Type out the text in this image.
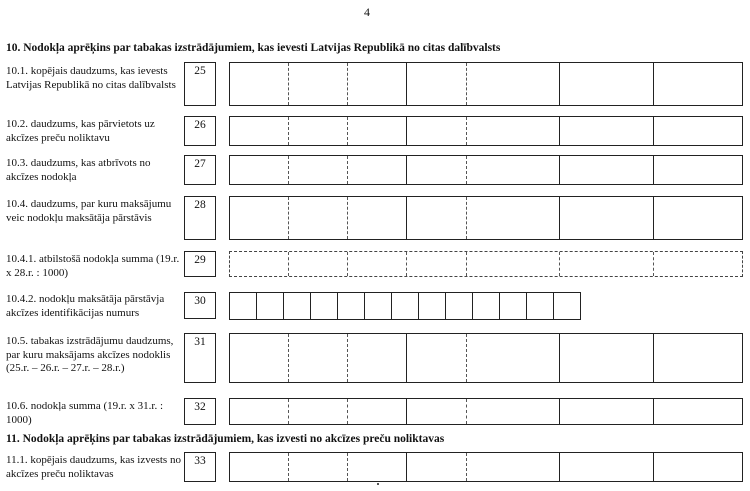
4
10. Nodokļa aprēķins par tabakas izstrādājumiem, kas ievesti Latvijas Republikā no citas dalībvalsts
10.1. kopējais daudzums, kas ievests Latvijas Republikā no citas dalībvalsts
25
10.2. daudzums, kas pārvietots uz akcīzes preču noliktavu
26
10.3. daudzums, kas atbrīvots no akcīzes nodokļa
27
10.4. daudzums, par kuru maksājumu veic nodokļu maksātāja pārstāvis
28
10.4.1. atbilstošā nodokļa summa (19.r. x 28.r. : 1000)
29
10.4.2. nodokļu maksātāja pārstāvja akcīzes identifikācijas numurs
30
10.5. tabakas izstrādājumu daudzums, par kuru maksājams akcīzes nodoklis (25.r. – 26.r. – 27.r. – 28.r.)
31
10.6. nodokļa summa (19.r. x 31.r. : 1000)
32
11. Nodokļa aprēķins par tabakas izstrādājumiem, kas izvesti no akcīzes preču noliktavas
11.1. kopējais daudzums, kas izvests no akcīzes preču noliktavas
33
